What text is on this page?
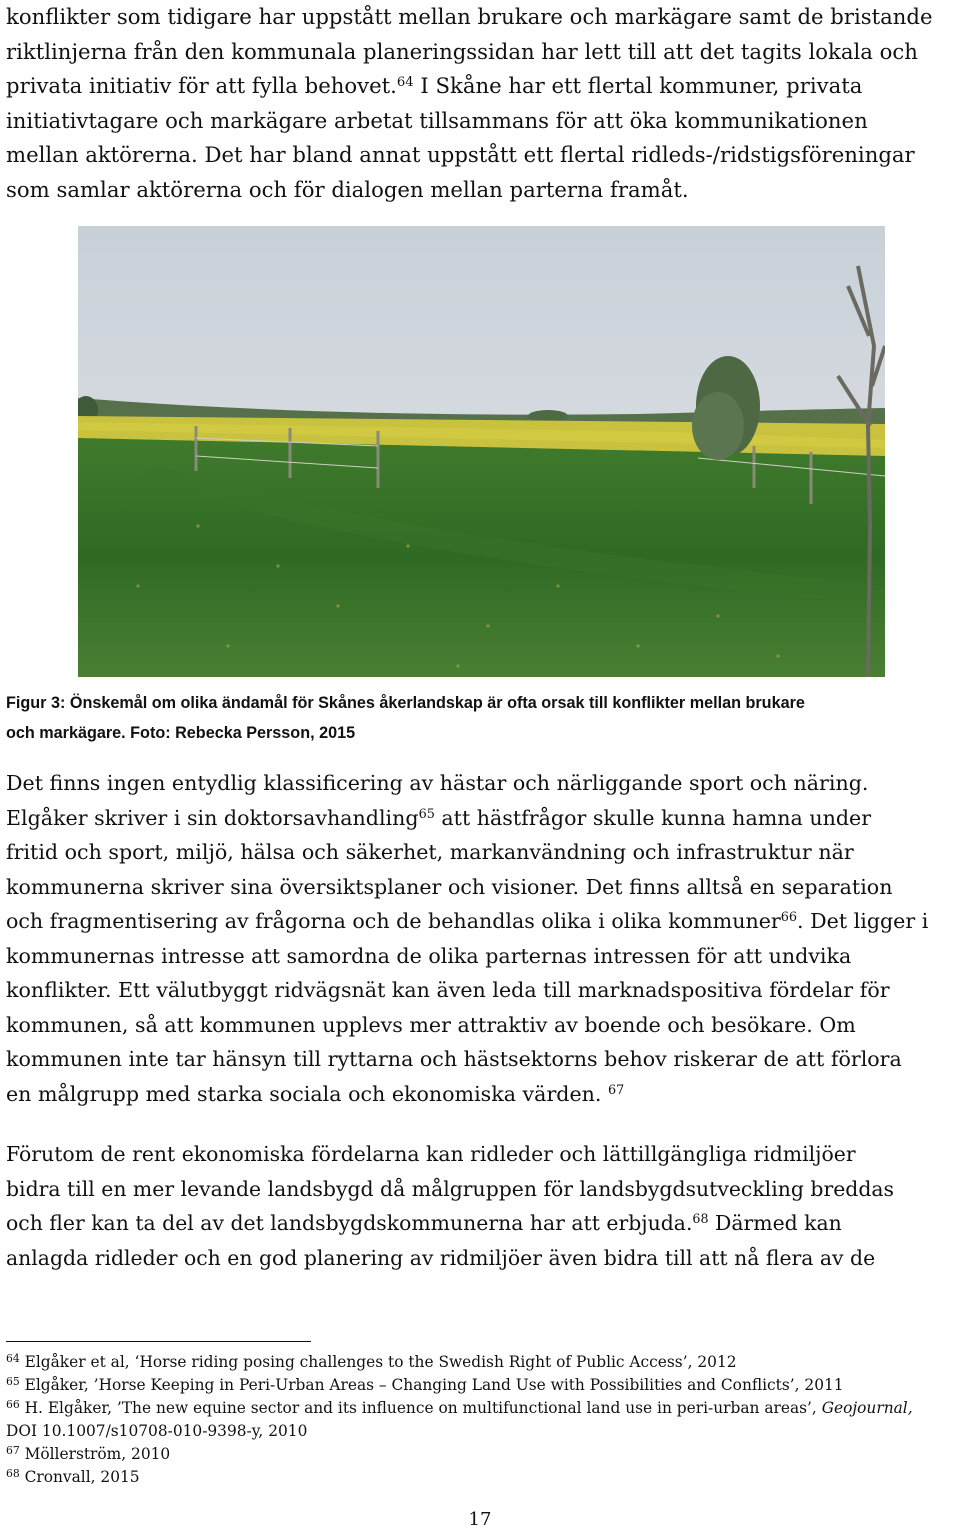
konflikter som tidigare har uppstått mellan brukare och markägare samt de bristande
riktlinjerna från den kommunala planeringssidan har lett till att det tagits lokala och
privata initiativ för att fylla behovet.$^{64}$ I Skåne har ett flertal kommuner, privata
initiativtagare och markägare arbetat tillsammans för att öka kommunikationen
mellan aktörerna. Det har bland annat uppstått ett flertal ridleds-/ridstigsföreningar
som samlar aktörerna och för dialogen mellan parterna framåt.
Figur 3: Önskemål om olika ändamål för Skånes åkerlandskap är ofta orsak till konflikter mellan brukare
och markägare. Foto: Rebecka Persson, 2015
Det finns ingen entydlig klassificering av hästar och närliggande sport och näring.
Elgåker skriver i sin doktorsavhandling$^{65}$ att hästfrågor skulle kunna hamna under
fritid och sport, miljö, hälsa och säkerhet, markanvändning och infrastruktur när
kommunerna skriver sina översiktsplaner och visioner. Det finns alltså en separation
och fragmentisering av frågorna och de behandlas olika i olika kommuner$^{66}$. Det ligger i
kommunernas intresse att samordna de olika parternas intressen för att undvika
konflikter. Ett välutbyggt ridvägsnät kan även leda till marknadspositiva fördelar för
kommunen, så att kommunen upplevs mer attraktiv av boende och besökare. Om
kommunen inte tar hänsyn till ryttarna och hästsektorns behov riskerar de att förlora
en målgrupp med starka sociala och ekonomiska värden. $^{67}$
Förutom de rent ekonomiska fördelarna kan ridleder och lättillgängliga ridmiljöer
bidra till en mer levande landsbygd då målgruppen för landsbygdsutveckling breddas
och fler kan ta del av det landsbygdskommunerna har att erbjuda.$^{68}$ Därmed kan
anlagda ridleder och en god planering av ridmiljöer även bidra till att nå flera av de
$^{64}$ Elgåker et al, ‘Horse riding posing challenges to the Swedish Right of Public Access’, 2012
$^{65}$ Elgåker, ’Horse Keeping in Peri-Urban Areas – Changing Land Use with Possibilities and Conflicts’, 2011
$^{66}$ H. Elgåker, ’The new equine sector and its influence on multifunctional land use in peri-urban areas’, Geojournal,
DOI 10.1007/s10708-010-9398-y, 2010
$^{67}$ Möllerström, 2010
$^{68}$ Cronvall, 2015
17
